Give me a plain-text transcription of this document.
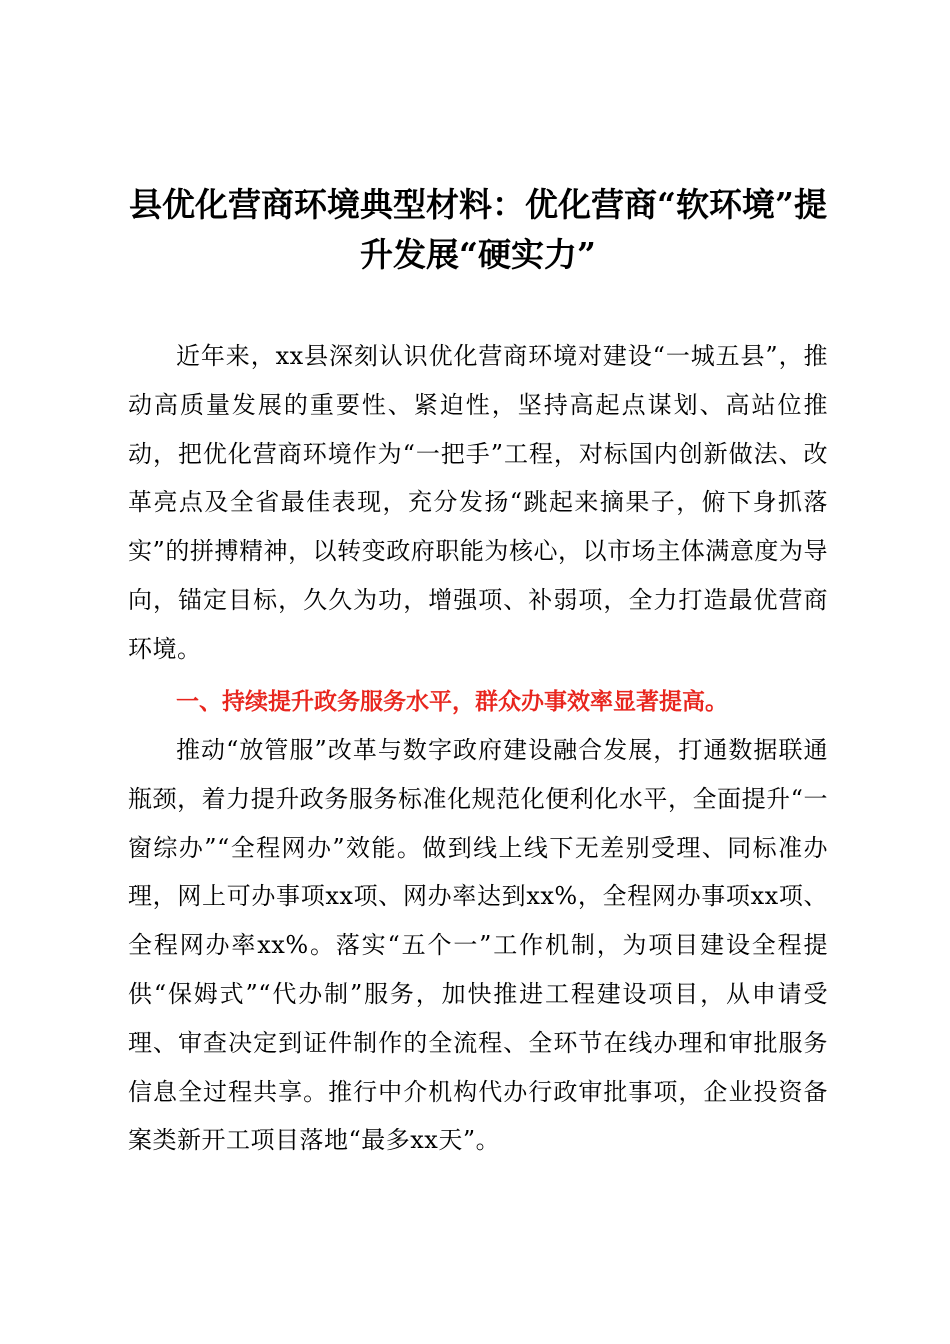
县优化营商环境典型材料：优化营商“软环境”提升发展“硬实力”

近年来，xx县深刻认识优化营商环境对建设“一城五县”，推动高质量发展的重要性、紧迫性，坚持高起点谋划、高站位推动，把优化营商环境作为“一把手”工程，对标国内创新做法、改革亮点及全省最佳表现，充分发扬“跳起来摘果子，俯下身抓落实”的拼搏精神，以转变政府职能为核心，以市场主体满意度为导向，锚定目标，久久为功，增强项、补弱项，全力打造最优营商环境。

一、持续提升政务服务水平，群众办事效率显著提高。

推动“放管服”改革与数字政府建设融合发展，打通数据联通瓶颈，着力提升政务服务标准化规范化便利化水平，全面提升“一窗综办”“全程网办”效能。做到线上线下无差别受理、同标准办理，网上可办事项xx项、网办率达到xx%，全程网办事项xx项、全程网办率xx%。落实“五个一”工作机制，为项目建设全程提供“保姆式”“代办制”服务，加快推进工程建设项目，从申请受理、审查决定到证件制作的全流程、全环节在线办理和审批服务信息全过程共享。推行中介机构代办行政审批事项，企业投资备案类新开工项目落地“最多xx天”。
